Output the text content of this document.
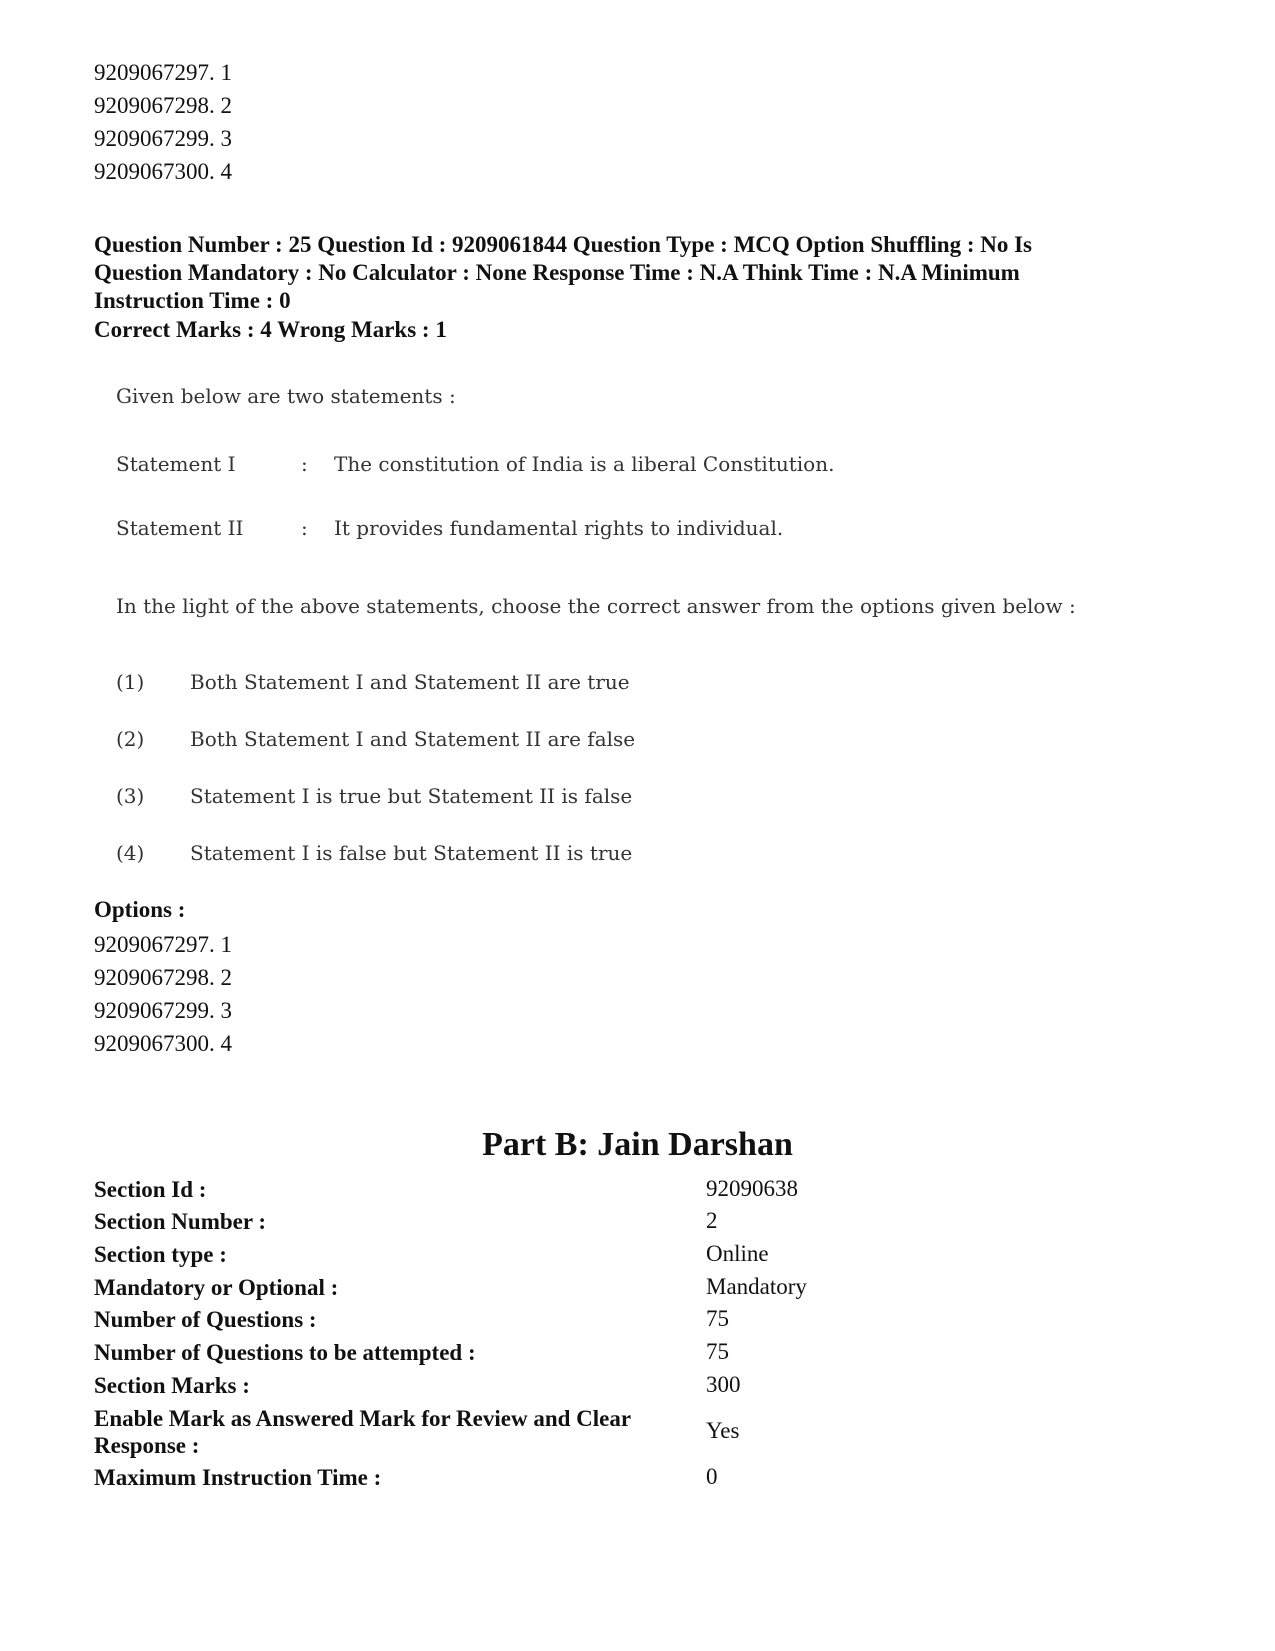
9209067297. 1
9209067298. 2
9209067299. 3
9209067300. 4
Question Number : 25 Question Id : 9209061844 Question Type : MCQ Option Shuffling : No Is Question Mandatory : No Calculator : None Response Time : N.A Think Time : N.A Minimum Instruction Time : 0
Correct Marks : 4 Wrong Marks : 1
Given below are two statements :
Statement I	: The constitution of India is a liberal Constitution.
Statement II	: It provides fundamental rights to individual.
In the light of the above statements, choose the correct answer from the options given below :
(1) Both Statement I and Statement II are true
(2) Both Statement I and Statement II are false
(3) Statement I is true but Statement II is false
(4) Statement I is false but Statement II is true
Options :
9209067297. 1
9209067298. 2
9209067299. 3
9209067300. 4
Part B: Jain Darshan
Section Id :	92090638
Section Number :	2
Section type :	Online
Mandatory or Optional :	Mandatory
Number of Questions :	75
Number of Questions to be attempted :	75
Section Marks :	300
Enable Mark as Answered Mark for Review and Clear Response :
Yes
Maximum Instruction Time :	0
